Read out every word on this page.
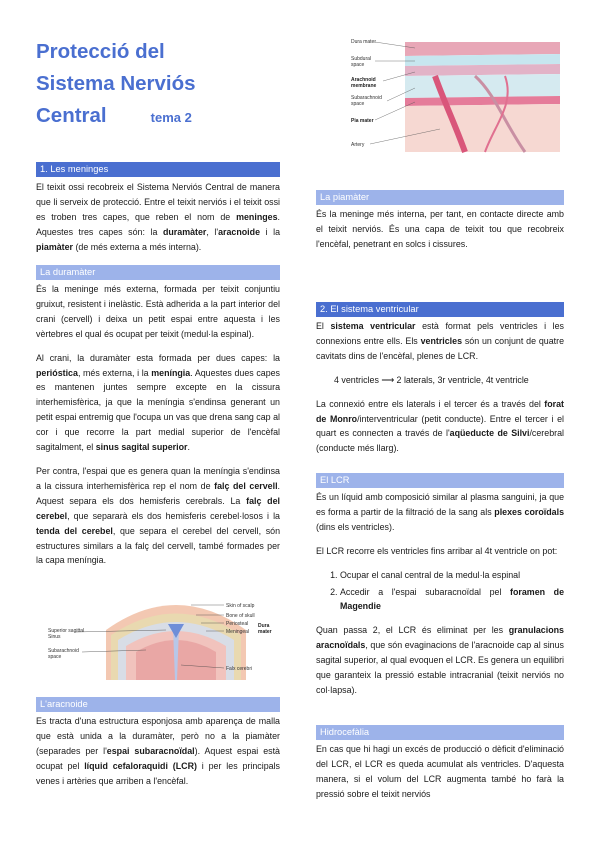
Protecció del
Sistema Nerviós
Central	tema 2
Dura mater
Subdural
space
Arachnoid
membrane
Subarachnoid
space
Pia mater
Artery
1. Les meninges

El teixit ossi recobreix el Sistema Nerviós Central de manera que li serveix de protecció. Entre el teixit nerviós i el teixit ossi es troben tres capes, que reben el nom de meninges. Aquestes tres capes són: la duramàter, l'aracnoide i la piamàter (de més externa a més interna).

La duramàter

És la meninge més externa, formada per teixit conjuntiu gruixut, resistent i inelàstic. Està adherida a la part interior del crani (cervell) i deixa un petit espai entre aquesta i les vèrtebres el qual és ocupat per teixit (medul·la espinal).

Al crani, la duramàter esta formada per dues capes: la perióstica, més externa, i la meníngia. Aquestes dues capes es mantenen juntes sempre excepte en la cissura interhemisfèrica, ja que la meníngia s'endinsa generant un petit espai entremig que l'ocupa un vas que drena sang cap al cor i que recorre la part medial superior de l'encèfal sagitalment, el sinus sagital superior.

Per contra, l'espai que es genera quan la meníngia s'endinsa a la cissura interhemisfèrica rep el nom de falç del cervell. Aquest separa els dos hemisferis cerebrals. La falç del cerebel, que separarà els dos hemisferis cerebel·losos i la tenda del cerebel, que separa el cerebel del cervell, són estructures similars a la falç del cervell, també formades per la capa meníngia.

Skin of scalp
Bone of skull
Periosteal
Meningeal
Dura
mater
Superior sagittal
Sinus
Subarachnoid
space
Falx cerebri
L'aracnoide

Es tracta d'una estructura esponjosa amb aparença de malla que està unida a la duramàter, però no a la piamàter (separades per l'espai subaracnoïdal). Aquest espai està ocupat pel líquid cefaloraquidi (LCR) i per les principals venes i artèries que arriben a l'encèfal.

La piamàter

És la meninge més interna, per tant, en contacte directe amb el teixit nerviós. És una capa de teixit tou que recobreix l'encèfal, penetrant en solcs i cissures.

2. El sistema ventricular

El sistema ventricular està format pels ventricles i les connexions entre ells. Els ventricles són un conjunt de quatre cavitats dins de l'encèfal, plenes de LCR.

4 ventricles ⟶ 2 laterals, 3r ventricle, 4t ventricle

La connexió entre els laterals i el tercer és a través del forat de Monro/interventricular (petit conducte). Entre el tercer i el quart es connecten a través de l'aqüeducte de Silvi/cerebral (conducte més llarg).

El LCR

És un líquid amb composició similar al plasma sanguini, ja que es forma a partir de la filtració de la sang als plexes coroïdals (dins els ventricles).

El LCR recorre els ventricles fins arribar al 4t ventricle on pot:

1. Ocupar el canal central de la medul·la espinal
2. Accedir a l'espai subaracnoïdal pel foramen de Magendie

Quan passa 2, el LCR és eliminat per les granulacions aracnoïdals, que són evaginacions de l'aracnoide cap al sinus sagital superior, al qual evoquen el LCR. Es genera un equilibri que garanteix la pressió estable intracranial (teixit nerviós no col·lapsa).

Hidrocefàlia

En cas que hi hagi un excés de producció o dèficit d'eliminació del LCR, el LCR es queda acumulat als ventricles. D'aquesta manera, si el volum del LCR augmenta també ho farà la pressió sobre el teixit nerviós
